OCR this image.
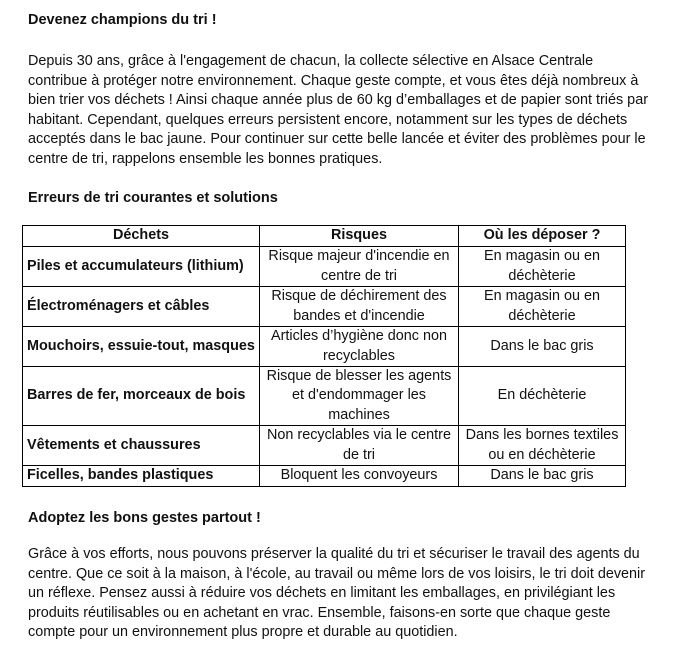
Devenez champions du tri !

Depuis 30 ans, grâce à l'engagement de chacun, la collecte sélective en Alsace Centrale contribue à protéger notre environnement. Chaque geste compte, et vous êtes déjà nombreux à bien trier vos déchets ! Ainsi chaque année plus de 60 kg d’emballages et de papier sont triés par habitant. Cependant, quelques erreurs persistent encore, notamment sur les types de déchets acceptés dans le bac jaune. Pour continuer sur cette belle lancée et éviter des problèmes pour le centre de tri, rappelons ensemble les bonnes pratiques.

Erreurs de tri courantes et solutions

Déchets	Risques	Où les déposer ?
Piles et accumulateurs (lithium)	Risque majeur d'incendie en centre de tri	En magasin ou en déchèterie
Électroménagers et câbles	Risque de déchirement des bandes et d'incendie	En magasin ou en déchèterie
Mouchoirs, essuie-tout, masques	Articles d’hygiène donc non recyclables	Dans le bac gris
Barres de fer, morceaux de bois	Risque de blesser les agents et d'endommager les machines	En déchèterie
Vêtements et chaussures	Non recyclables via le centre de tri	Dans les bornes textiles ou en déchèterie
Ficelles, bandes plastiques	Bloquent les convoyeurs	Dans le bac gris

Adoptez les bons gestes partout !

Grâce à vos efforts, nous pouvons préserver la qualité du tri et sécuriser le travail des agents du centre. Que ce soit à la maison, à l'école, au travail ou même lors de vos loisirs, le tri doit devenir un réflexe. Pensez aussi à réduire vos déchets en limitant les emballages, en privilégiant les produits réutilisables ou en achetant en vrac. Ensemble, faisons-en sorte que chaque geste compte pour un environnement plus propre et durable au quotidien.
